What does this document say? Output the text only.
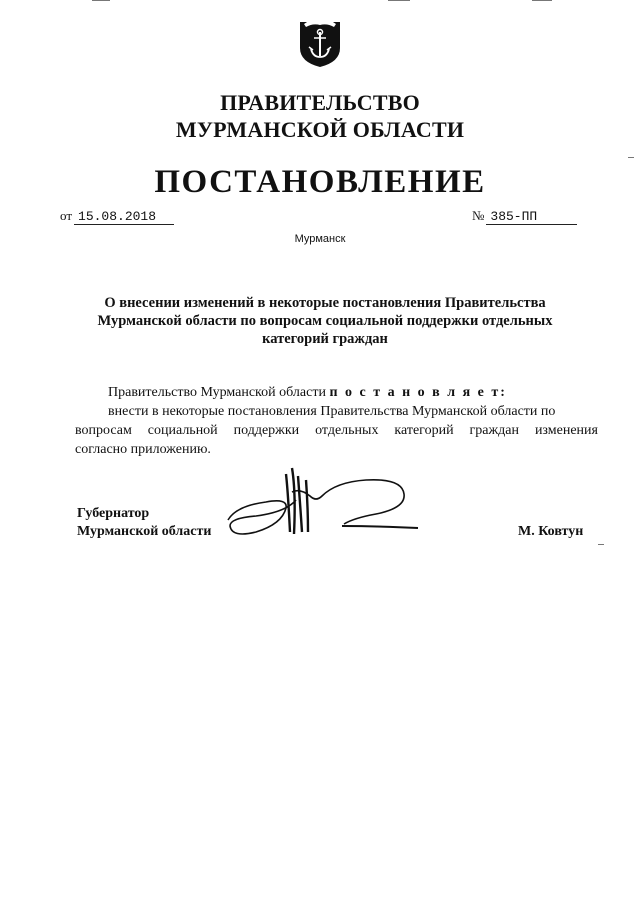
ПРАВИТЕЛЬСТВО
МУРМАНСКОЙ ОБЛАСТИ
ПОСТАНОВЛЕНИЕ
от 15.08.2018	№ 385-ПП
Мурманск
О внесении изменений в некоторые постановления Правительства
Мурманской области по вопросам социальной поддержки отдельных
категорий граждан
Правительство Мурманской области п о с т а н о в л я е т:
внести в некоторые постановления Правительства Мурманской области по
вопросам социальной поддержки отдельных категорий граждан изменения
согласно приложению.
Губернатор
Мурманской области	М. Ковтун
